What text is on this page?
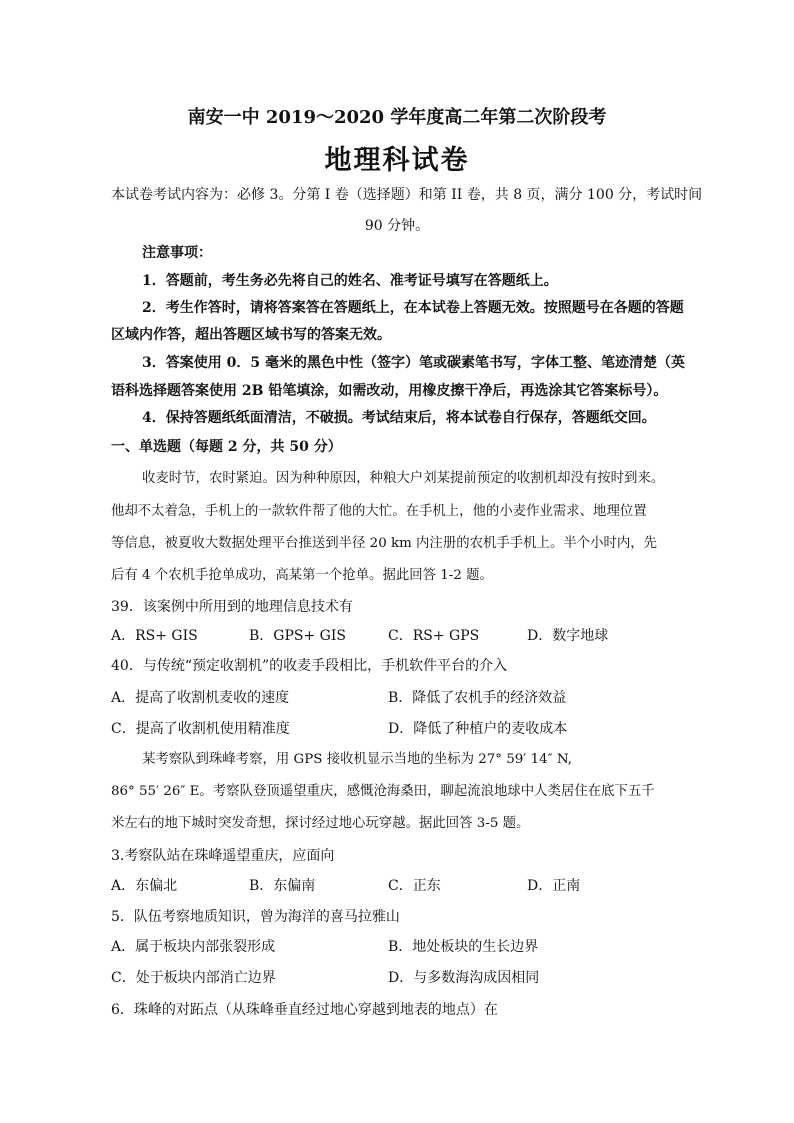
南安一中 2019～2020 学年度高二年第二次阶段考
地理科试卷
本试卷考试内容为：必修 3。分第 I 卷（选择题）和第 II 卷，共 8 页，满分 100 分，考试时间
90 分钟。
注意事项：
1．答题前，考生务必先将自己的姓名、准考证号填写在答题纸上。
2．考生作答时，请将答案答在答题纸上，在本试卷上答题无效。按照题号在各题的答题
区域内作答，超出答题区域书写的答案无效。
3．答案使用 0．5 毫米的黑色中性（签字）笔或碳素笔书写，字体工整、笔迹清楚（英
语科选择题答案使用 2B 铅笔填涂，如需改动，用橡皮擦干净后，再选涂其它答案标号）。
4．保持答题纸纸面清洁，不破损。考试结束后，将本试卷自行保存，答题纸交回。
一、单选题（每题 2 分，共 50 分）
收麦时节，农时紧迫。因为种种原因，种粮大户刘某提前预定的收割机却没有按时到来。
他却不太着急，手机上的一款软件帮了他的大忙。在手机上，他的小麦作业需求、地理位置
等信息，被夏收大数据处理平台推送到半径 20 km 内注册的农机手手机上。半个小时内，先
后有 4 个农机手抢单成功，高某第一个抢单。据此回答 1-2 题。
39．该案例中所用到的地理信息技术有
A．RS+ GIS	B．GPS+ GIS	C．RS+ GPS	D．数字地球
40．与传统“预定收割机”的收麦手段相比，手机软件平台的介入
A．提高了收割机麦收的速度	B．降低了农机手的经济效益
C．提高了收割机使用精准度	D．降低了种植户的麦收成本
某考察队到珠峰考察，用 GPS 接收机显示当地的坐标为 27° 59′ 14″ N,
86° 55′ 26″ E。考察队登顶遥望重庆，感慨沧海桑田，聊起流浪地球中人类居住在底下五千
米左右的地下城时突发奇想，探讨经过地心玩穿越。据此回答 3-5 题。
3.考察队站在珠峰遥望重庆，应面向
A．东偏北	B．东偏南	C．正东	D．正南
5．队伍考察地质知识，曾为海洋的喜马拉雅山
A．属于板块内部张裂形成	B．地处板块的生长边界
C．处于板块内部消亡边界	D．与多数海沟成因相同
6．珠峰的对跖点（从珠峰垂直经过地心穿越到地表的地点）在
